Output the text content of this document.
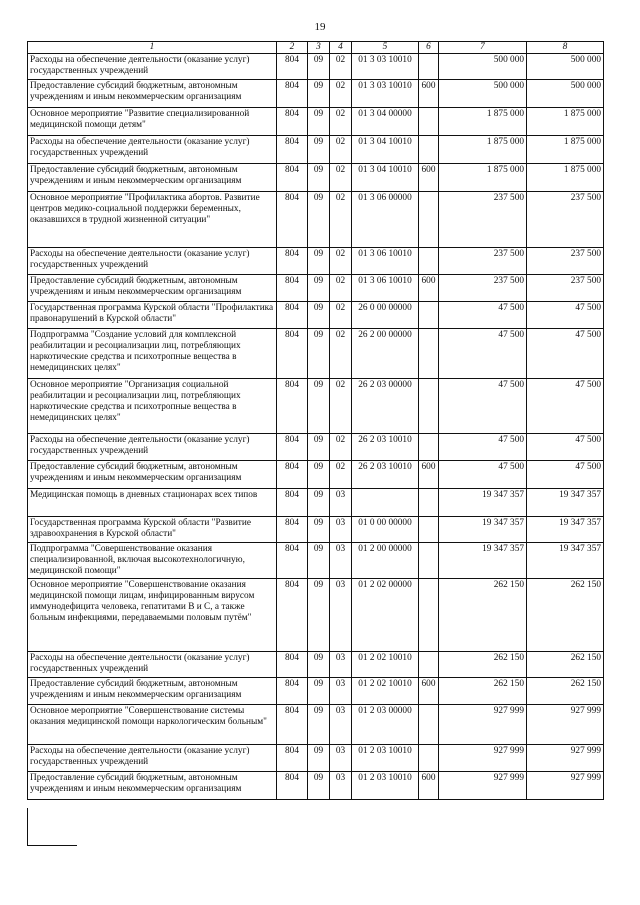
19
1	2	3	4	5	6	7	8
Расходы на обеспечение деятельности (оказание услуг) государственных учреждений	804	09	02	01 3 03 10010		500 000	500 000
Предоставление субсидий бюджетным, автономным учреждениям и иным некоммерческим организациям	804	09	02	01 3 03 10010	600	500 000	500 000
Основное мероприятие "Развитие специализированной медицинской помощи детям"	804	09	02	01 3 04 00000		1 875 000	1 875 000
Расходы на обеспечение деятельности (оказание услуг) государственных учреждений	804	09	02	01 3 04 10010		1 875 000	1 875 000
Предоставление субсидий бюджетным, автономным учреждениям и иным некоммерческим организациям	804	09	02	01 3 04 10010	600	1 875 000	1 875 000
Основное мероприятие "Профилактика абортов. Развитие центров медико-социальной поддержки беременных, оказавшихся в трудной жизненной ситуации"	804	09	02	01 3 06 00000		237 500	237 500
Расходы на обеспечение деятельности (оказание услуг) государственных учреждений	804	09	02	01 3 06 10010		237 500	237 500
Предоставление субсидий бюджетным, автономным учреждениям и иным некоммерческим организациям	804	09	02	01 3 06 10010	600	237 500	237 500
Государственная программа Курской области "Профилактика правонарушений в Курской области"	804	09	02	26 0 00 00000		47 500	47 500
Подпрограмма "Создание условий для комплексной реабилитации и ресоциализации лиц, потребляющих наркотические средства и психотропные вещества в немедицинских целях"	804	09	02	26 2 00 00000		47 500	47 500
Основное мероприятие "Организация социальной реабилитации и ресоциализации лиц, потребляющих наркотические средства и психотропные вещества в немедицинских целях"	804	09	02	26 2 03 00000		47 500	47 500
Расходы на обеспечение деятельности (оказание услуг) государственных учреждений	804	09	02	26 2 03 10010		47 500	47 500
Предоставление субсидий бюджетным, автономным учреждениям и иным некоммерческим организациям	804	09	02	26 2 03 10010	600	47 500	47 500
Медицинская помощь в дневных стационарах всех типов	804	09	03			19 347 357	19 347 357
Государственная программа Курской области "Развитие здравоохранения в Курской области"	804	09	03	01 0 00 00000		19 347 357	19 347 357
Подпрограмма "Совершенствование оказания специализированной, включая высокотехнологичную, медицинской помощи"	804	09	03	01 2 00 00000		19 347 357	19 347 357
Основное мероприятие "Совершенствование оказания медицинской помощи лицам, инфицированным вирусом иммунодефицита человека, гепатитами В и С, а также больным инфекциями, передаваемыми половым путём"	804	09	03	01 2 02 00000		262 150	262 150
Расходы на обеспечение деятельности (оказание услуг) государственных учреждений	804	09	03	01 2 02 10010		262 150	262 150
Предоставление субсидий бюджетным, автономным учреждениям и иным некоммерческим организациям	804	09	03	01 2 02 10010	600	262 150	262 150
Основное мероприятие "Совершенствование системы оказания медицинской помощи наркологическим больным"	804	09	03	01 2 03 00000		927 999	927 999
Расходы на обеспечение деятельности (оказание услуг) государственных учреждений	804	09	03	01 2 03 10010		927 999	927 999
Предоставление субсидий бюджетным, автономным учреждениям и иным некоммерческим организациям	804	09	03	01 2 03 10010	600	927 999	927 999
